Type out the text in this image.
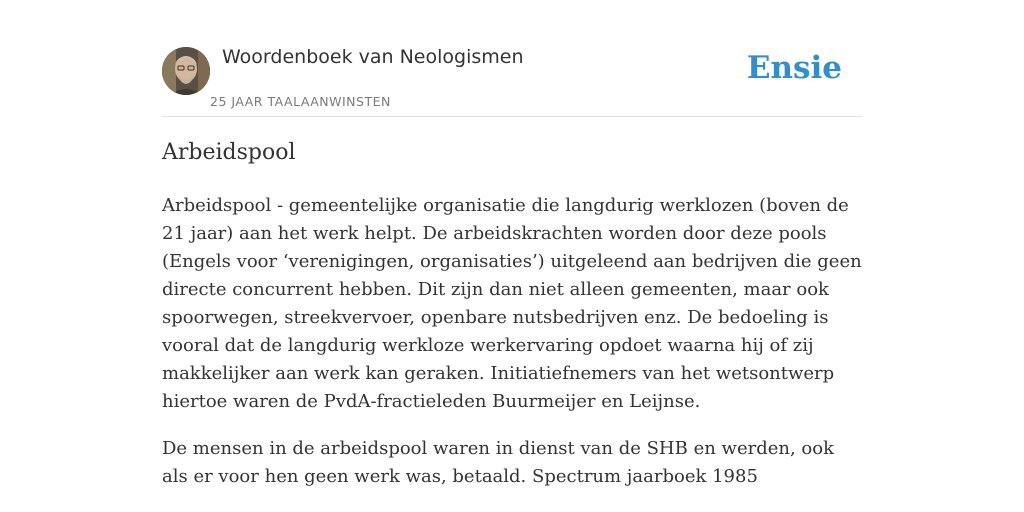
Woordenboek van Neologismen
25 JAAR TAALAANWINSTEN
Ensie
Arbeidspool

Arbeidspool - gemeentelijke organisatie die langdurig werklozen (boven de 21 jaar) aan het werk helpt. De arbeidskrachten worden door deze pools (Engels voor ‘verenigingen, organisaties’) uitgeleend aan bedrijven die geen directe concurrent hebben. Dit zijn dan niet alleen gemeenten, maar ook spoorwegen, streekvervoer, openbare nutsbedrijven enz. De bedoeling is vooral dat de langdurig werkloze werkervaring opdoet waarna hij of zij makkelijker aan werk kan geraken. Initiatiefnemers van het wetsontwerp hiertoe waren de PvdA-fractieleden Buurmeijer en Leijnse.

De mensen in de arbeidspool waren in dienst van de SHB en werden, ook als er voor hen geen werk was, betaald. Spectrum jaarboek 1985
